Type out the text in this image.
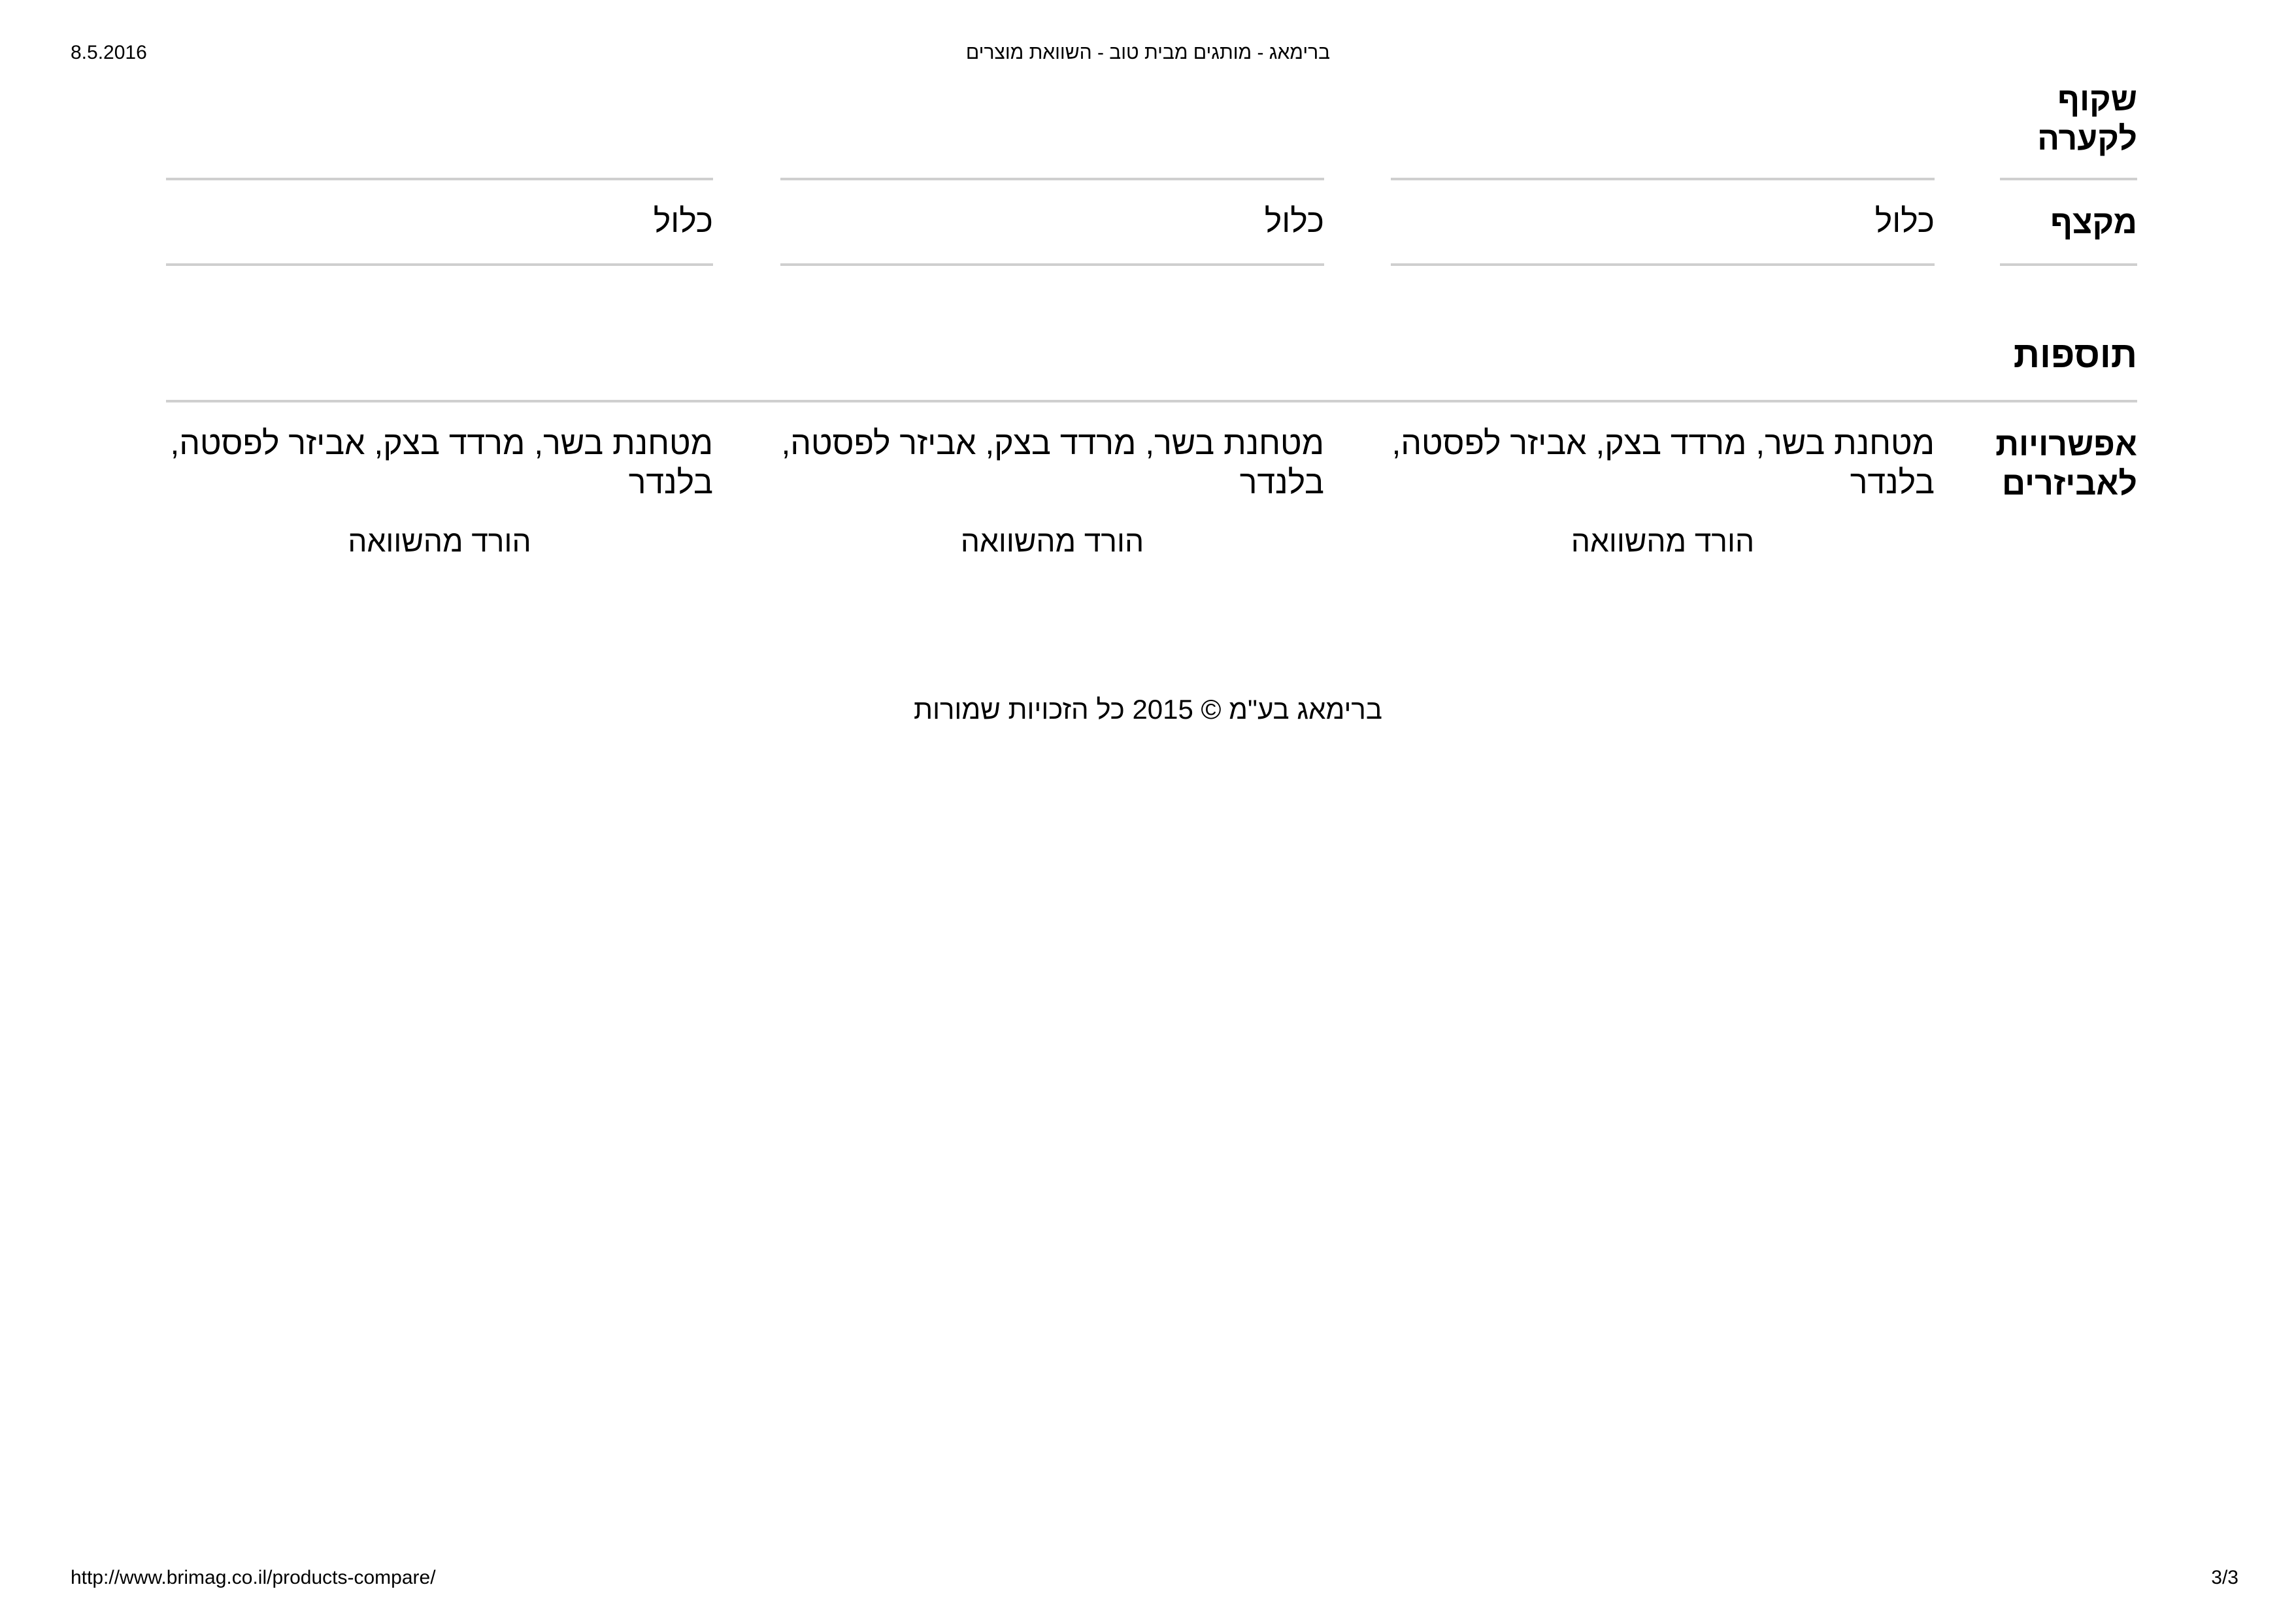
8.5.2016	ברימאג - מותגים מבית טוב - השוואת מוצרים
שקוף לקערה
מקצף
כלול
כלול
כלול
תוספות
אפשרויות לאביזרים
מטחנת בשר, מרדד בצק, אביזר לפסטה, בלנדר
מטחנת בשר, מרדד בצק, אביזר לפסטה, בלנדר
מטחנת בשר, מרדד בצק, אביזר לפסטה, בלנדר
הורד מהשוואה
הורד מהשוואה
הורד מהשוואה
ברימאג בע"מ © 2015 כל הזכויות שמורות
http://www.brimag.co.il/products-compare/	3/3
